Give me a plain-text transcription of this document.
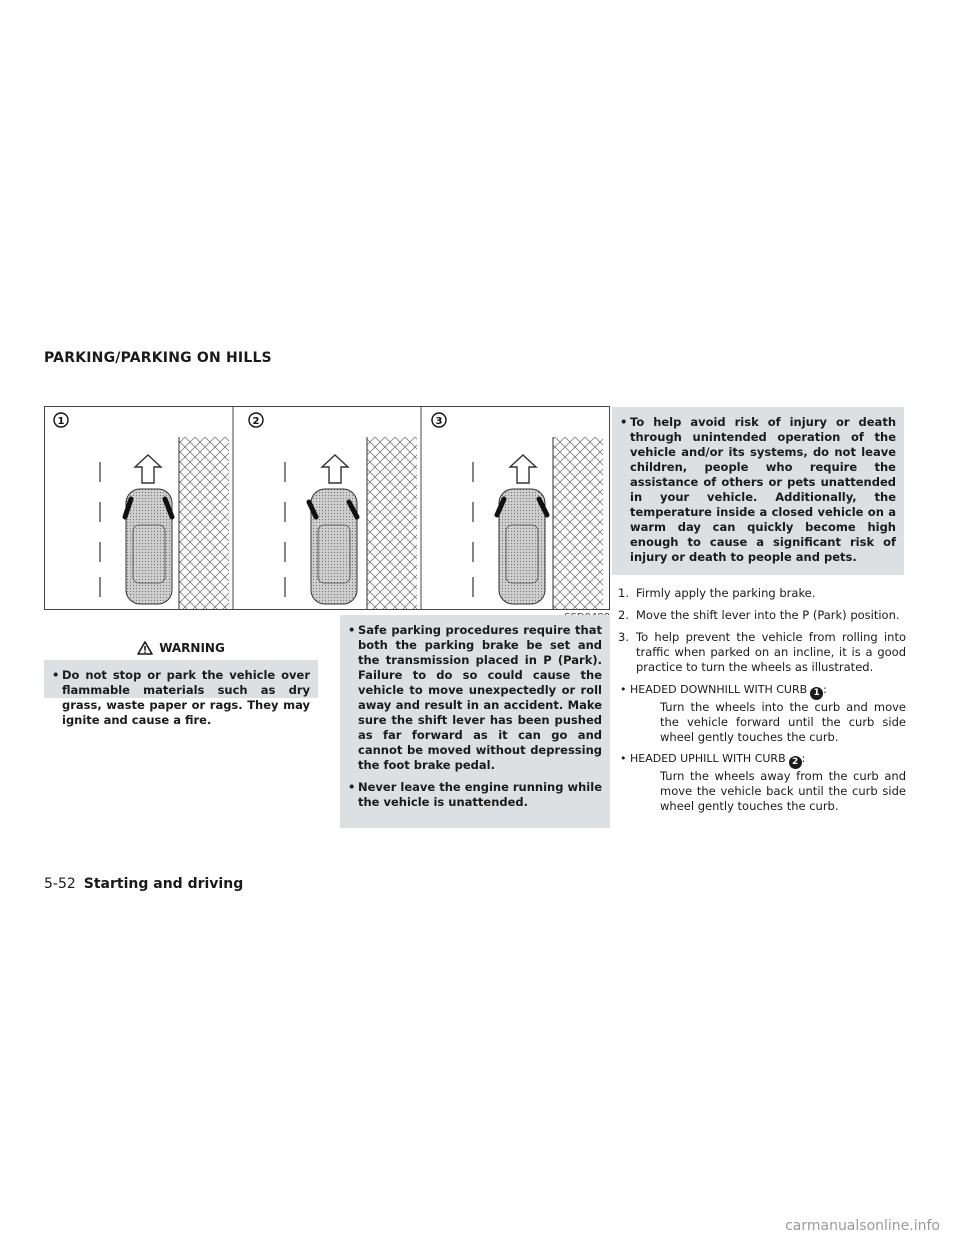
PARKING/PARKING ON HILLS
1	2	3
WARNING
• Do not stop or park the vehicle over flammable materials such as dry grass, waste paper or rags. They may ignite and cause a fire.
• Safe parking procedures require that both the parking brake be set and the transmission placed in P (Park). Failure to do so could cause the vehicle to move unexpectedly or roll away and result in an accident. Make sure the shift lever has been pushed as far forward as it can go and cannot be moved without depressing the foot brake pedal.
• Never leave the engine running while the vehicle is unattended.
• To help avoid risk of injury or death through unintended operation of the vehicle and/or its systems, do not leave children, people who require the assistance of others or pets unattended in your vehicle. Additionally, the temperature inside a closed vehicle on a warm day can quickly become high enough to cause a significant risk of injury or death to people and pets.
1. Firmly apply the parking brake.
2. Move the shift lever into the P (Park) position.
3. To help prevent the vehicle from rolling into traffic when parked on an incline, it is a good practice to turn the wheels as illustrated.
• HEADED DOWNHILL WITH CURB 1 :
Turn the wheels into the curb and move the vehicle forward until the curb side wheel gently touches the curb.
• HEADED UPHILL WITH CURB 2 :
Turn the wheels away from the curb and move the vehicle back until the curb side wheel gently touches the curb.
5-52 Starting and driving
carmanualsonline.info
